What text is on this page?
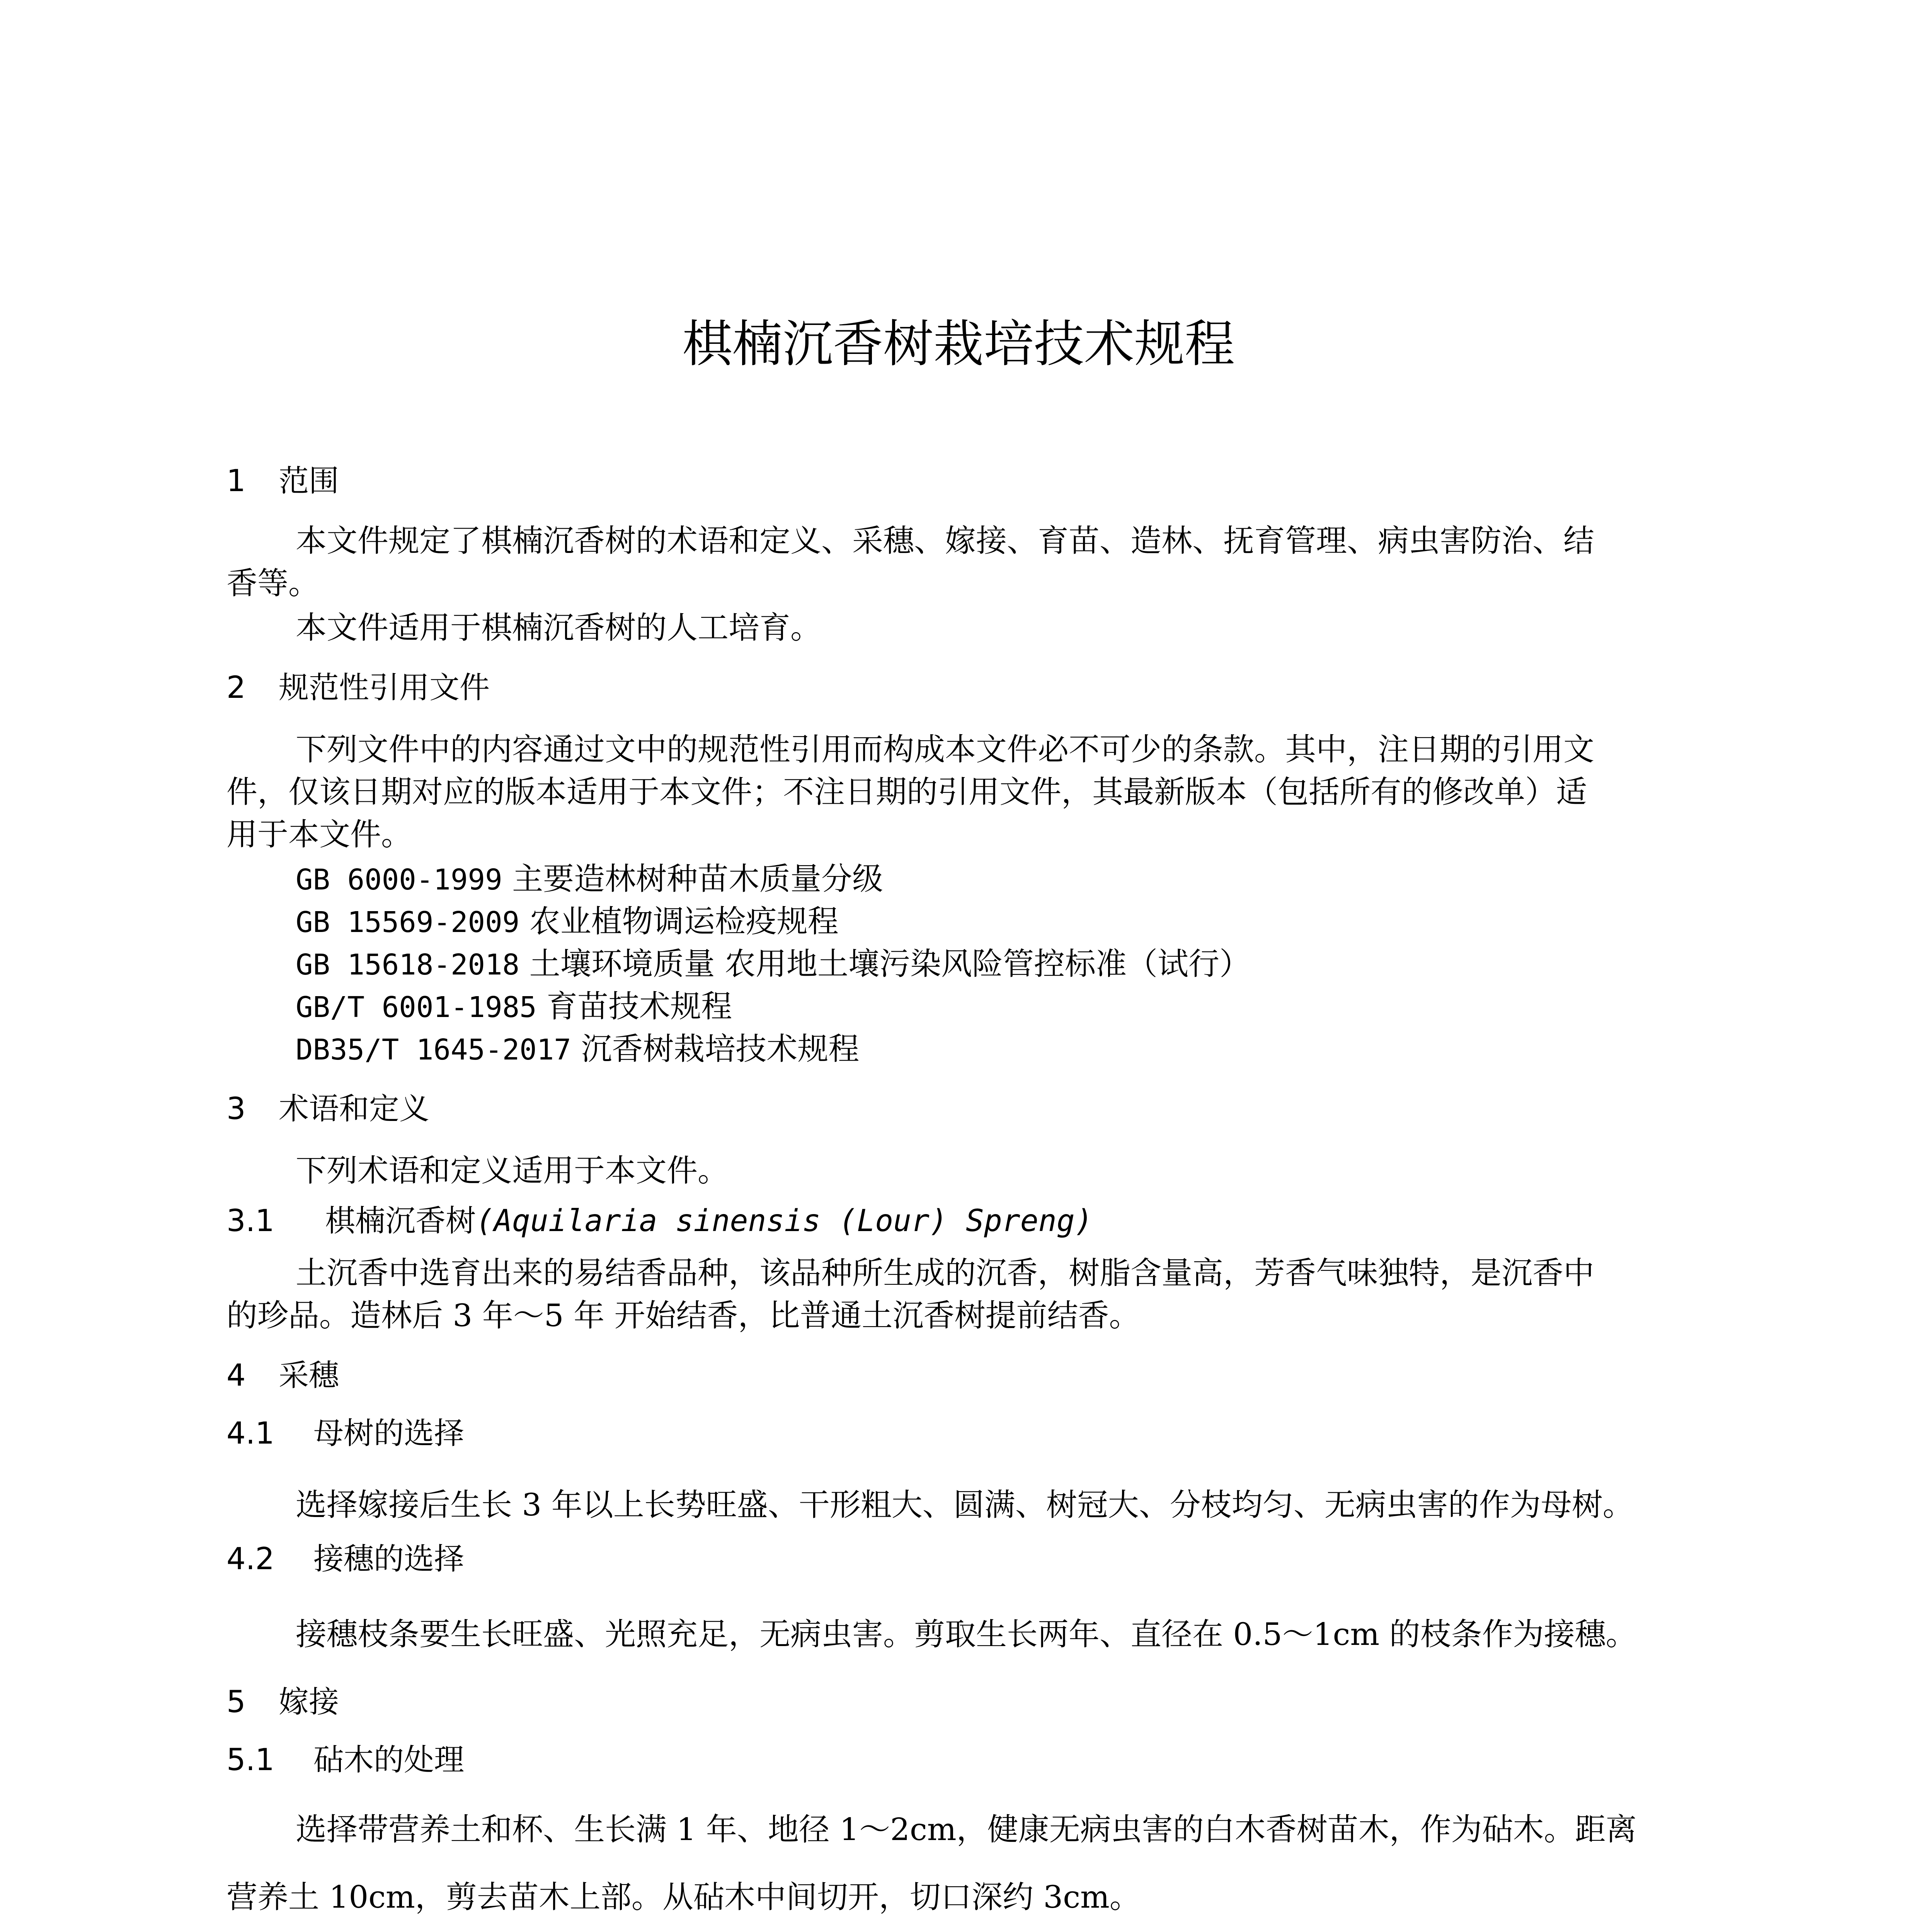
棋楠沉香树栽培技术规程
1 范围
本文件规定了棋楠沉香树的术语和定义、采穗、嫁接、育苗、造林、抚育管理、病虫害防治、结
香等。
本文件适用于棋楠沉香树的人工培育。
2 规范性引用文件
下列文件中的内容通过文中的规范性引用而构成本文件必不可少的条款。其中，注日期的引用文
件，仅该日期对应的版本适用于本文件；不注日期的引用文件，其最新版本（包括所有的修改单）适
用于本文件。
GB 6000-1999 主要造林树种苗木质量分级
GB 15569-2009 农业植物调运检疫规程
GB 15618-2018 土壤环境质量 农用地土壤污染风险管控标准（试行）
GB/T 6001-1985 育苗技术规程
DB35/T 1645-2017 沉香树栽培技术规程
3 术语和定义
下列术语和定义适用于本文件。
3.1 棋楠沉香树(Aquilaria sinensis (Lour) Spreng)
土沉香中选育出来的易结香品种，该品种所生成的沉香，树脂含量高，芳香气味独特，是沉香中
的珍品。造林后 3 年～5 年 开始结香，比普通土沉香树提前结香。
4 采穗
4.1 母树的选择
选择嫁接后生长 3 年以上长势旺盛、干形粗大、圆满、树冠大、分枝均匀、无病虫害的作为母树。
4.2 接穗的选择
接穗枝条要生长旺盛、光照充足，无病虫害。剪取生长两年、直径在 0.5～1cm 的枝条作为接穗。
5 嫁接
5.1 砧木的处理
选择带营养土和杯、生长满 1 年、地径 1～2cm，健康无病虫害的白木香树苗木，作为砧木。距离
营养土 10cm，剪去苗木上部。从砧木中间切开，切口深约 3cm。
